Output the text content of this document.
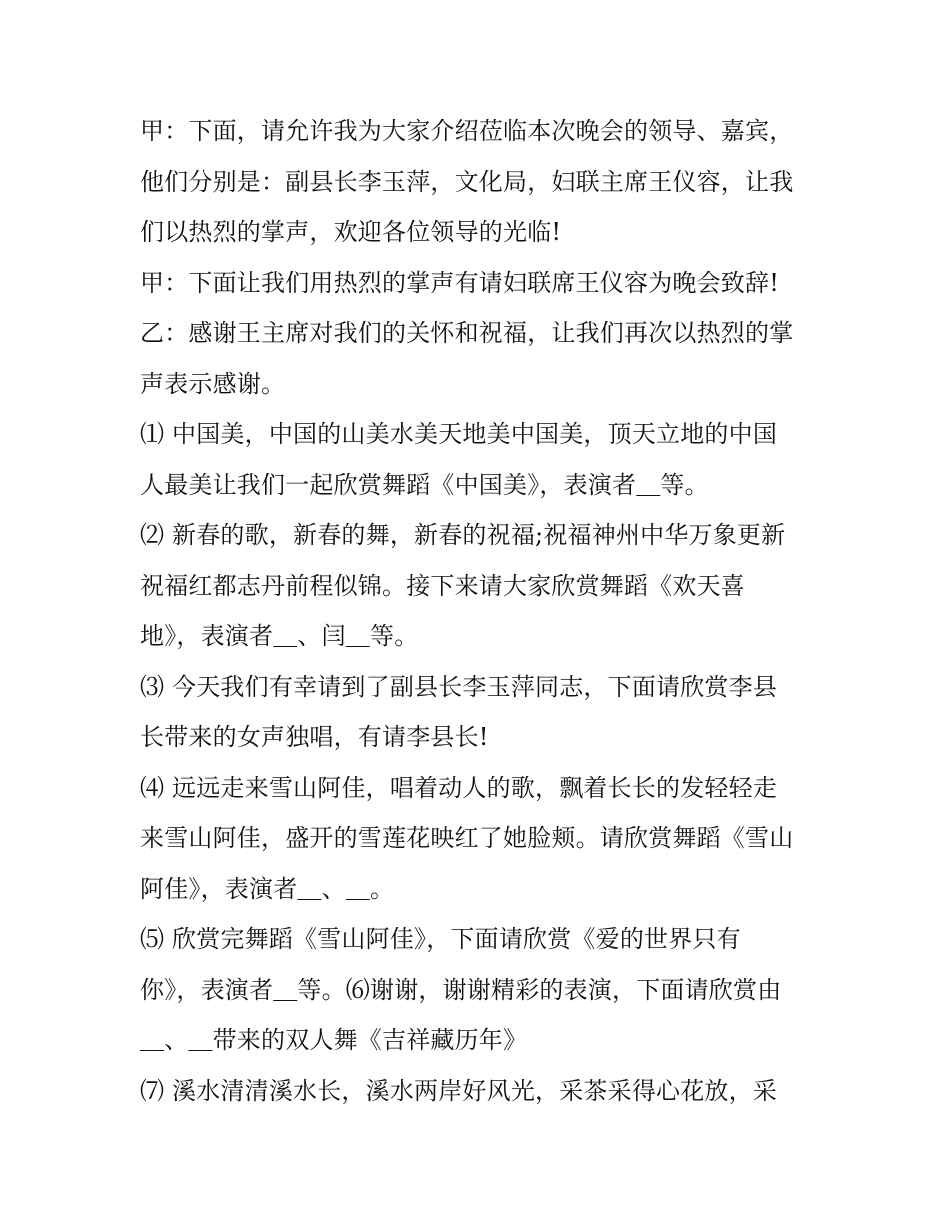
甲：下面，请允许我为大家介绍莅临本次晚会的领导、嘉宾，
他们分别是：副县长李玉萍，文化局，妇联主席王仪容，让我
们以热烈的掌声，欢迎各位领导的光临!
甲：下面让我们用热烈的掌声有请妇联席王仪容为晚会致辞!
乙：感谢王主席对我们的关怀和祝福，让我们再次以热烈的掌
声表示感谢。
⑴ 中国美，中国的山美水美天地美中国美，顶天立地的中国
人最美让我们一起欣赏舞蹈《中国美》，表演者＿等。
⑵ 新春的歌，新春的舞，新春的祝福;祝福神州中华万象更新
祝福红都志丹前程似锦。接下来请大家欣赏舞蹈《欢天喜
地》，表演者＿、闫＿等。
⑶ 今天我们有幸请到了副县长李玉萍同志，下面请欣赏李县
长带来的女声独唱，有请李县长!
⑷ 远远走来雪山阿佳，唱着动人的歌，飘着长长的发轻轻走
来雪山阿佳，盛开的雪莲花映红了她脸颊。请欣赏舞蹈《雪山
阿佳》，表演者＿、＿。
⑸ 欣赏完舞蹈《雪山阿佳》，下面请欣赏《爱的世界只有
你》，表演者＿等。⑹谢谢，谢谢精彩的表演，下面请欣赏由
＿、＿带来的双人舞《吉祥藏历年》
⑺ 溪水清清溪水长，溪水两岸好风光，采茶采得心花放，采
